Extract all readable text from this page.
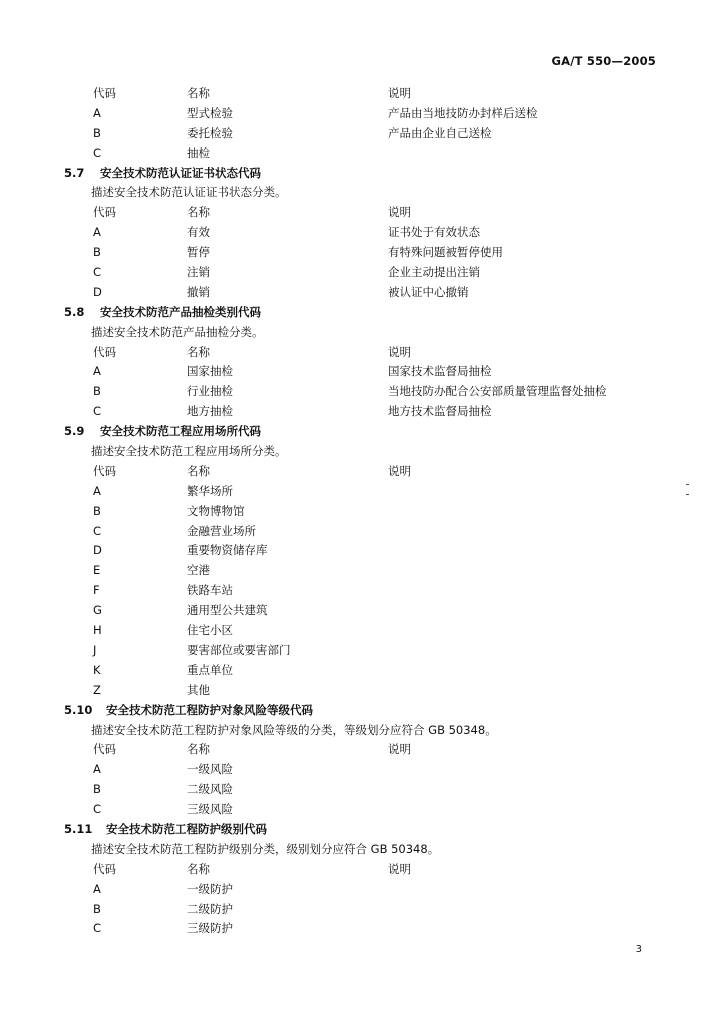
GA/T 550—2005
代码	名称	说明
A	型式检验	产品由当地技防办封样后送检
B	委托检验	产品由企业自己送检
C	抽检
5.7 安全技术防范认证证书状态代码
描述安全技术防范认证证书状态分类。
代码	名称	说明
A	有效	证书处于有效状态
B	暂停	有特殊问题被暂停使用
C	注销	企业主动提出注销
D	撤销	被认证中心撤销
5.8 安全技术防范产品抽检类别代码
描述安全技术防范产品抽检分类。
代码	名称	说明
A	国家抽检	国家技术监督局抽检
B	行业抽检	当地技防办配合公安部质量管理监督处抽检
C	地方抽检	地方技术监督局抽检
5.9 安全技术防范工程应用场所代码
描述安全技术防范工程应用场所分类。
代码	名称	说明
A	繁华场所
B	文物博物馆
C	金融营业场所
D	重要物资储存库
E	空港
F	铁路车站
G	通用型公共建筑
H	住宅小区
J	要害部位或要害部门
K	重点单位
Z	其他
5.10 安全技术防范工程防护对象风险等级代码
描述安全技术防范工程防护对象风险等级的分类，等级划分应符合 GB 50348。
代码	名称	说明
A	一级风险
B	二级风险
C	三级风险
5.11 安全技术防范工程防护级别代码
描述安全技术防范工程防护级别分类，级别划分应符合 GB 50348。
代码	名称	说明
A	一级防护
B	二级防护
C	三级防护
3
